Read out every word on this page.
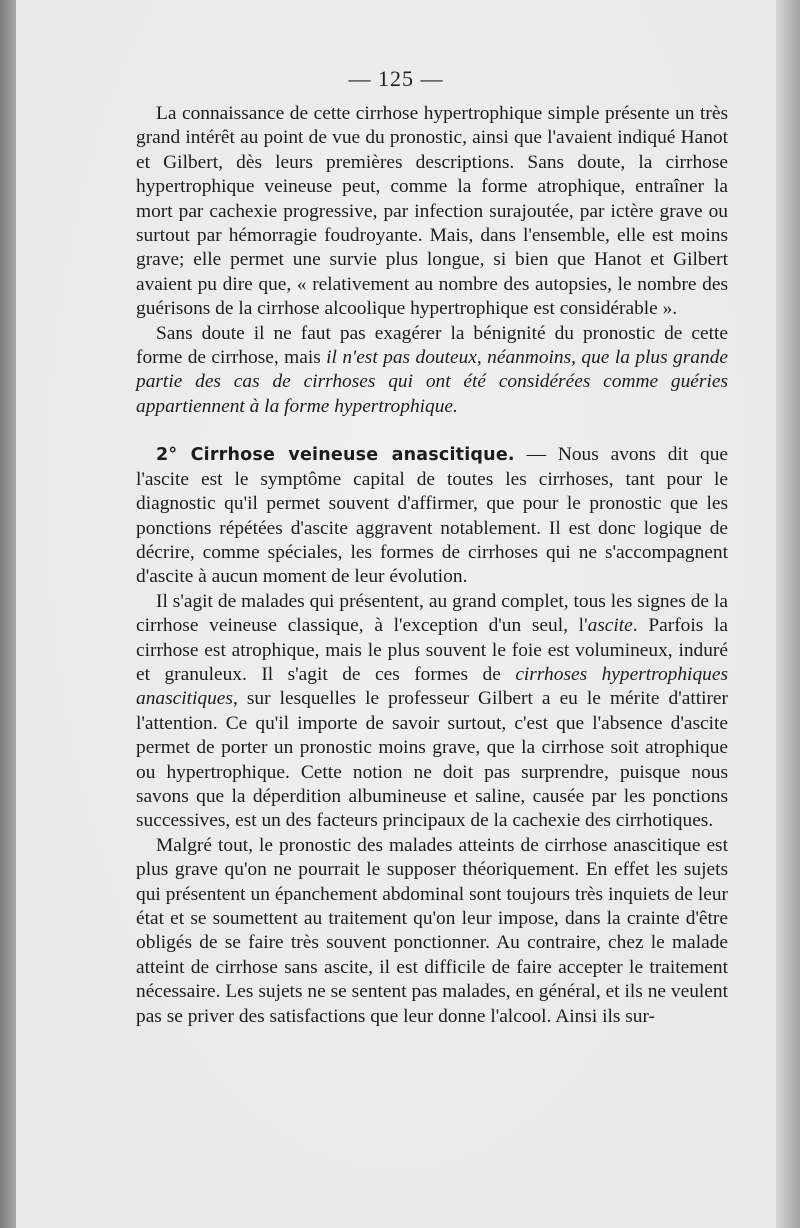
— 125 —

La connaissance de cette cirrhose hypertrophique simple présente un très grand intérêt au point de vue du pronostic, ainsi que l'avaient indiqué Hanot et Gilbert, dès leurs premières descriptions. Sans doute, la cirrhose hypertrophique veineuse peut, comme la forme atrophique, entraîner la mort par cachexie progressive, par infection surajoutée, par ictère grave ou surtout par hémorragie foudroyante. Mais, dans l'ensemble, elle est moins grave; elle permet une survie plus longue, si bien que Hanot et Gilbert avaient pu dire que, « relativement au nombre des autopsies, le nombre des guérisons de la cirrhose alcoolique hypertrophique est considérable ».

Sans doute il ne faut pas exagérer la bénignité du pronostic de cette forme de cirrhose, mais il n'est pas douteux, néanmoins, que la plus grande partie des cas de cirrhoses qui ont été considérées comme guéries appartiennent à la forme hypertrophique.

2° Cirrhose veineuse anascitique. — Nous avons dit que l'ascite est le symptôme capital de toutes les cirrhoses, tant pour le diagnostic qu'il permet souvent d'affirmer, que pour le pronostic que les ponctions répétées d'ascite aggravent notablement. Il est donc logique de décrire, comme spéciales, les formes de cirrhoses qui ne s'accompagnent d'ascite à aucun moment de leur évolution.

Il s'agit de malades qui présentent, au grand complet, tous les signes de la cirrhose veineuse classique, à l'exception d'un seul, l'ascite. Parfois la cirrhose est atrophique, mais le plus souvent le foie est volumineux, induré et granuleux. Il s'agit de ces formes de cirrhoses hypertrophiques anascitiques, sur lesquelles le professeur Gilbert a eu le mérite d'attirer l'attention. Ce qu'il importe de savoir surtout, c'est que l'absence d'ascite permet de porter un pronostic moins grave, que la cirrhose soit atrophique ou hypertrophique. Cette notion ne doit pas surprendre, puisque nous savons que la déperdition albumineuse et saline, causée par les ponctions successives, est un des facteurs principaux de la cachexie des cirrhotiques.

Malgré tout, le pronostic des malades atteints de cirrhose anascitique est plus grave qu'on ne pourrait le supposer théoriquement. En effet les sujets qui présentent un épanchement abdominal sont toujours très inquiets de leur état et se soumettent au traitement qu'on leur impose, dans la crainte d'être obligés de se faire très souvent ponctionner. Au contraire, chez le malade atteint de cirrhose sans ascite, il est difficile de faire accepter le traitement nécessaire. Les sujets ne se sentent pas malades, en général, et ils ne veulent pas se priver des satisfactions que leur donne l'alcool. Ainsi ils sur-
